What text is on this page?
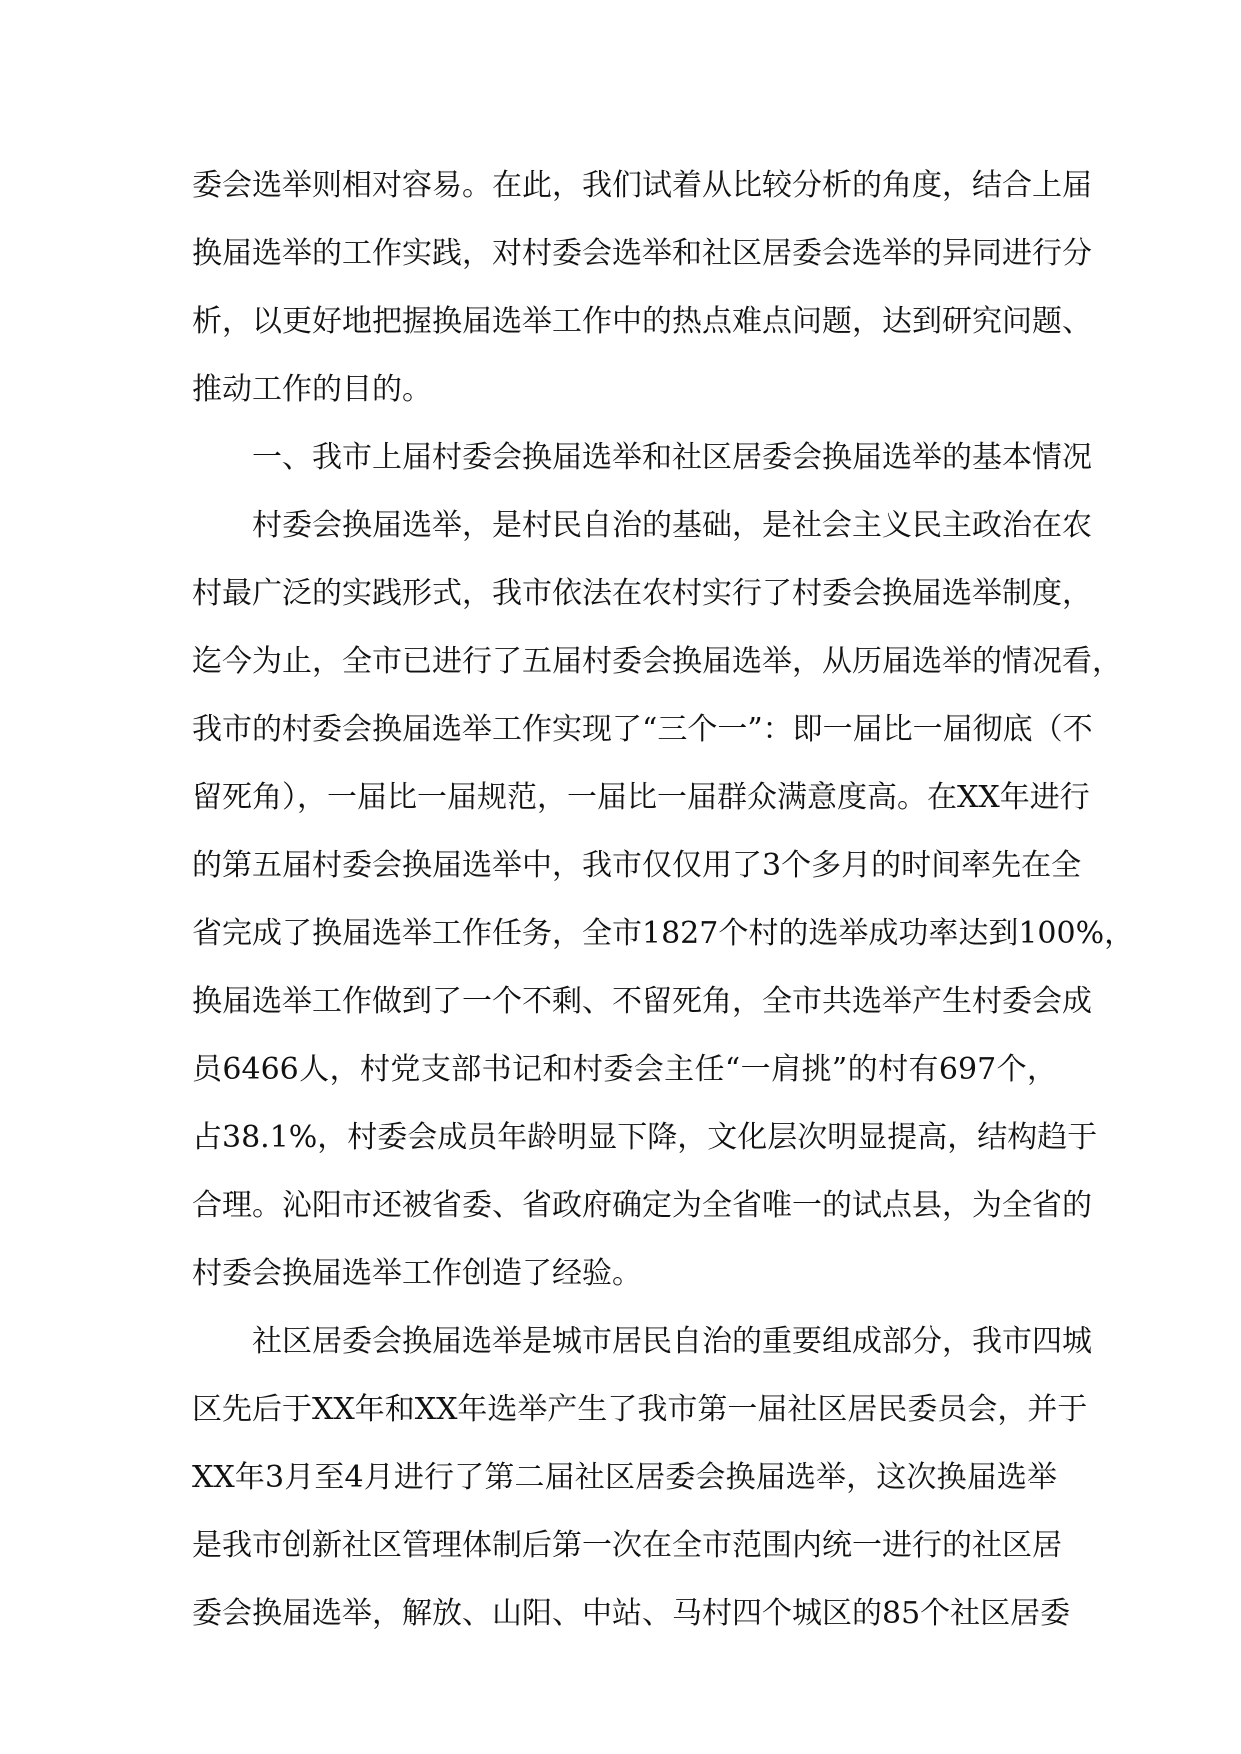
委会选举则相对容易。在此，我们试着从比较分析的角度，结合上届
换届选举的工作实践，对村委会选举和社区居委会选举的异同进行分
析，以更好地把握换届选举工作中的热点难点问题，达到研究问题、
推动工作的目的。
　　一、我市上届村委会换届选举和社区居委会换届选举的基本情况
　　村委会换届选举，是村民自治的基础，是社会主义民主政治在农
村最广泛的实践形式，我市依法在农村实行了村委会换届选举制度，
迄今为止，全市已进行了五届村委会换届选举，从历届选举的情况看，
我市的村委会换届选举工作实现了“三个一”：即一届比一届彻底（不
留死角），一届比一届规范，一届比一届群众满意度高。在XX年进行
的第五届村委会换届选举中，我市仅仅用了3个多月的时间率先在全
省完成了换届选举工作任务，全市1827个村的选举成功率达到100%，
换届选举工作做到了一个不剩、不留死角，全市共选举产生村委会成
员6466人，村党支部书记和村委会主任“一肩挑”的村有697个，
占38.1%，村委会成员年龄明显下降，文化层次明显提高，结构趋于
合理。沁阳市还被省委、省政府确定为全省唯一的试点县，为全省的
村委会换届选举工作创造了经验。
　　社区居委会换届选举是城市居民自治的重要组成部分，我市四城
区先后于XX年和XX年选举产生了我市第一届社区居民委员会，并于
XX年3月至4月进行了第二届社区居委会换届选举，这次换届选举
是我市创新社区管理体制后第一次在全市范围内统一进行的社区居
委会换届选举，解放、山阳、中站、马村四个城区的85个社区居委
